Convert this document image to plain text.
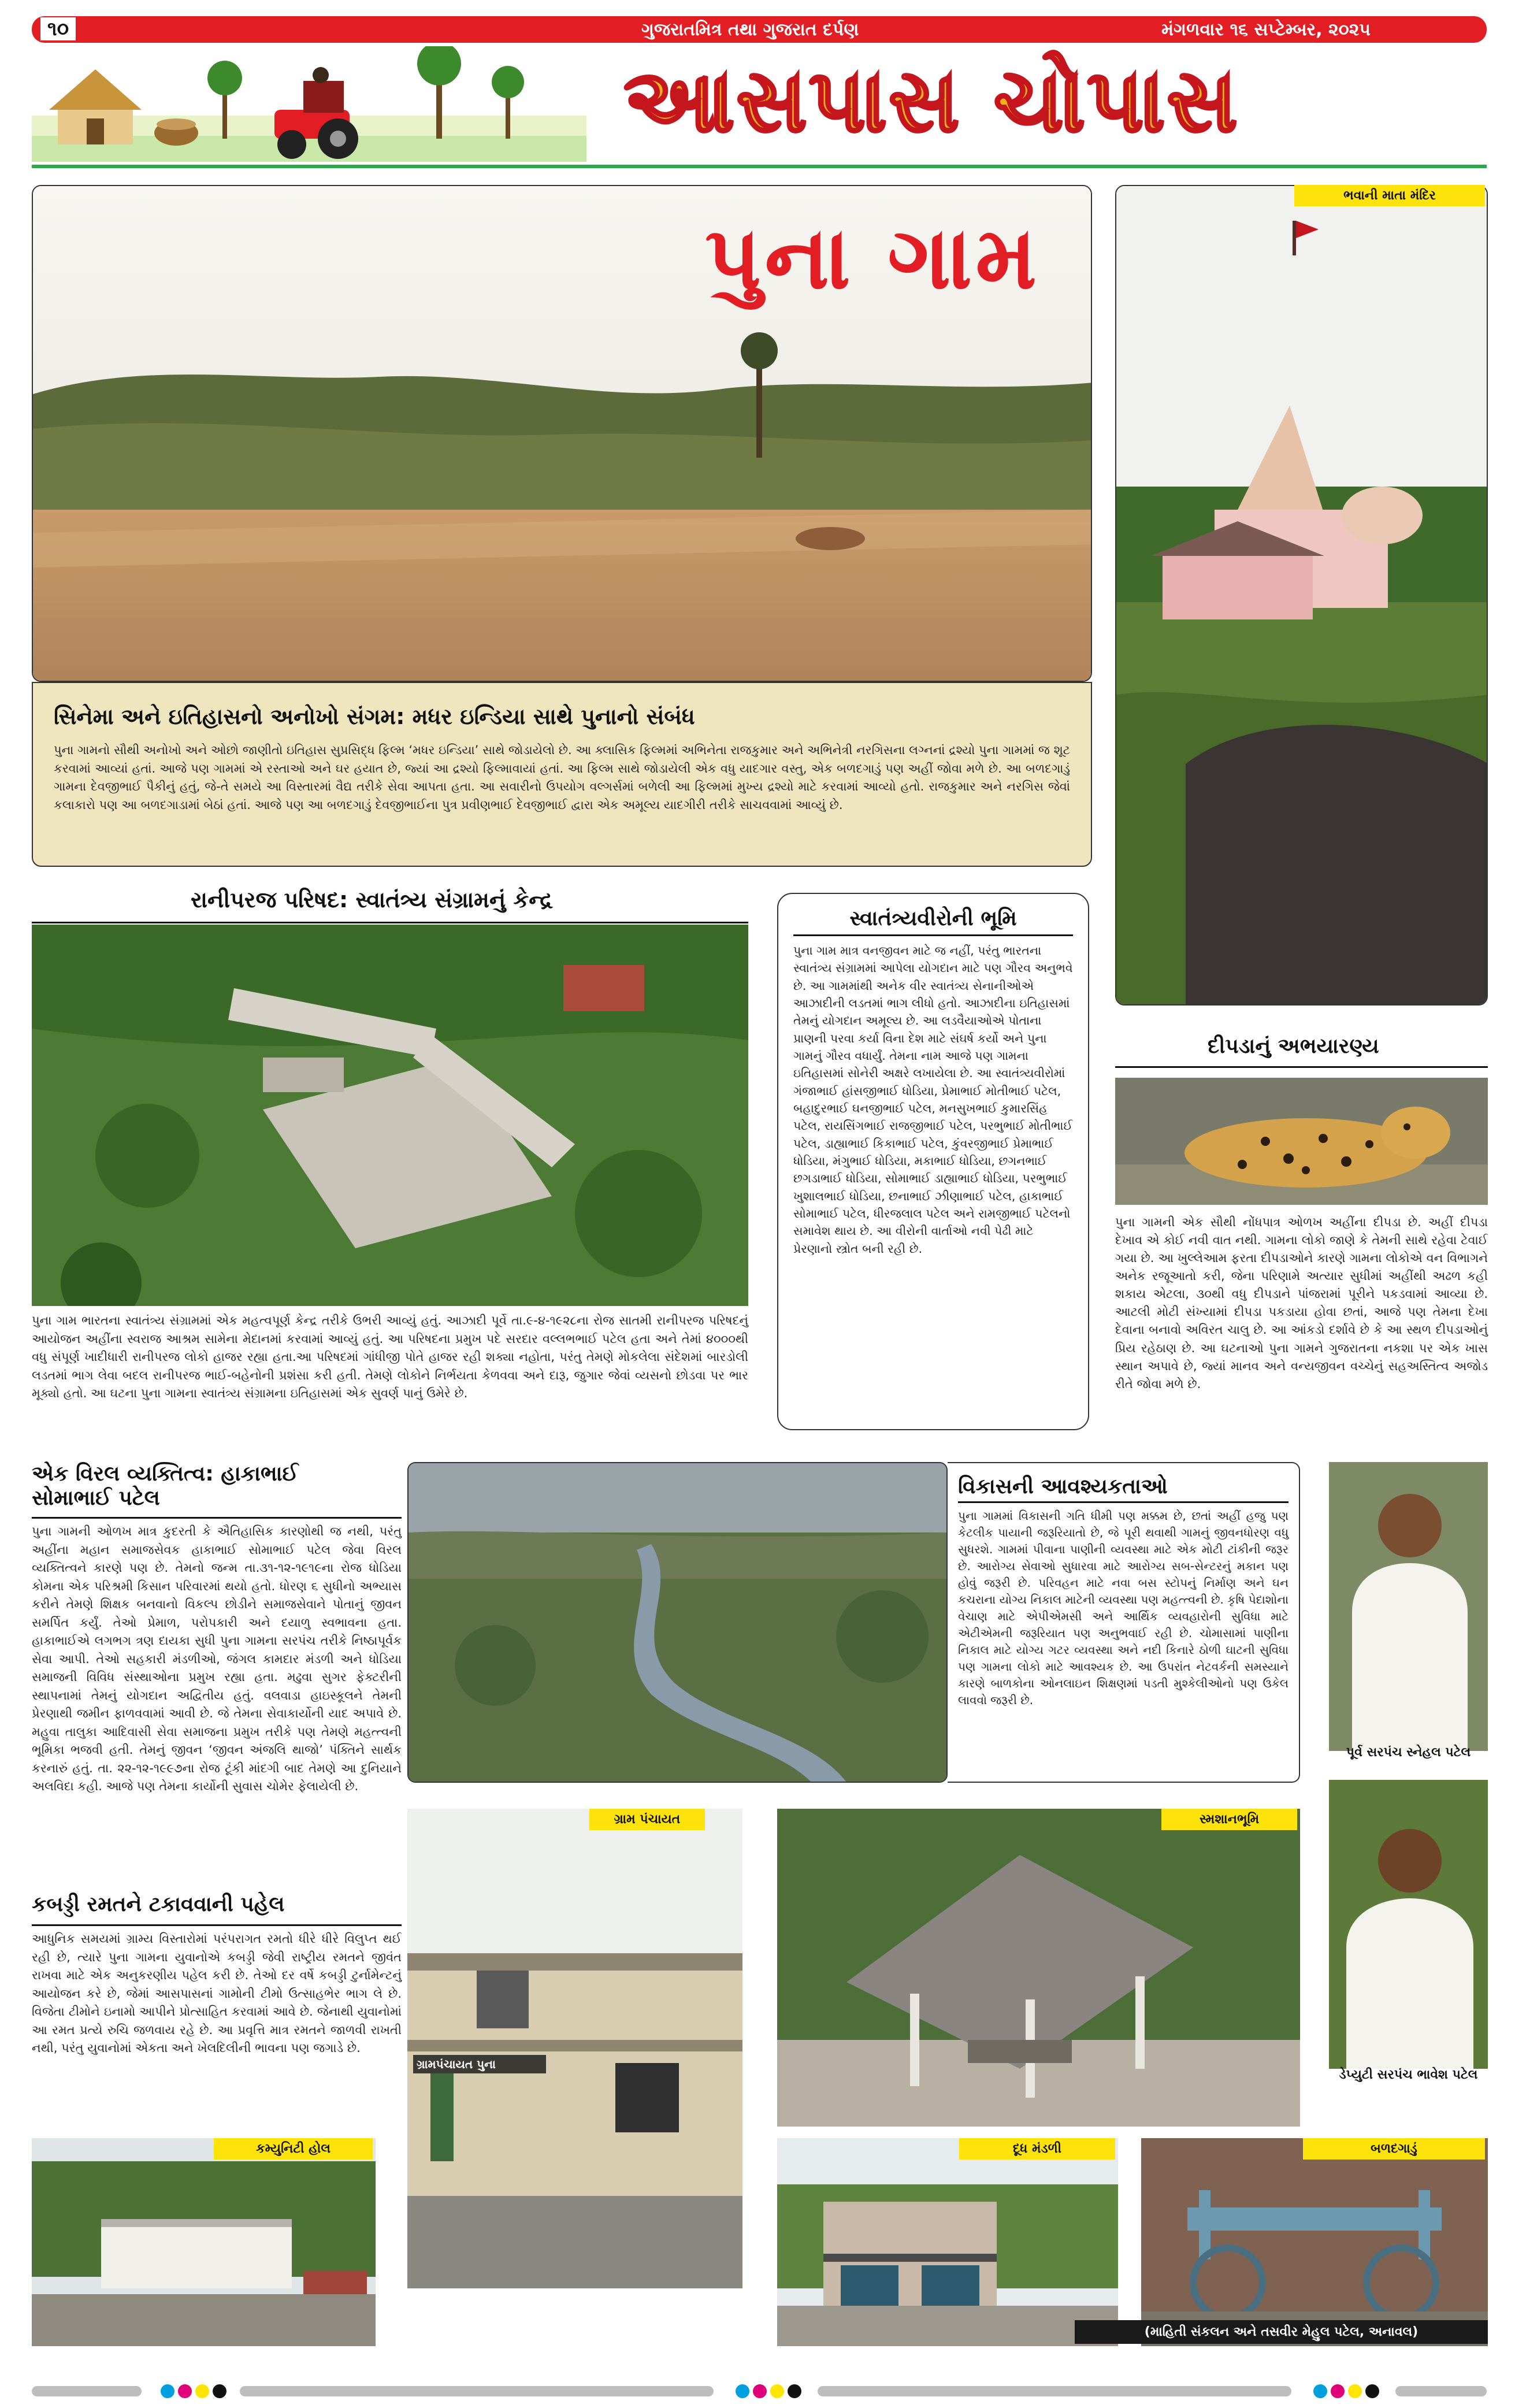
૧૦	ગુજરાતમિત્ર તથા ગુજરાત દર્પણ	મંગળવાર ૧૬ સપ્ટેમ્બર, ૨૦૨૫
આસપાસ ચોપાસ
પુના ગામ

સિનેમા અને ઇતિહાસનો અનોખો સંગમ: મધર ઇન્ડિયા સાથે પુનાનો સંબંધ

પુના ગામનો સૌથી અનોખો અને ઓછો જાણીતો ઇતિહાસ સુપ્રસિદ્ધ ફિલ્મ ‘મધર ઇન્ડિયા’ સાથે જોડાયેલો છે. આ ક્લાસિક ફિલ્મમાં અભિનેતા રાજકુમાર અને અભિનેત્રી નરગિસના લગ્નનાં દ્રશ્યો પુના ગામમાં જ શૂટ કરવામાં આવ્યાં હતાં. આજે પણ ગામમાં એ રસ્તાઓ અને ઘર હયાત છે, જ્યાં આ દ્રશ્યો ફિલ્માવાયાં હતાં. આ ફિલ્મ સાથે જોડાયેલી એક વધુ યાદગાર વસ્તુ, એક બળદગાડું પણ અહીં જોવા મળે છે. આ બળદગાડું ગામના દેવજીભાઈ પૈકીનું હતું, જે-તે સમયે આ વિસ્તારમાં વૈદ્ય તરીકે સેવા આપતા હતા. આ સવારીનો ઉપયોગ વલ્ગર્સમાં બળેલી આ ફિલ્મમાં મુખ્ય દ્રશ્યો માટે કરવામાં આવ્યો હતો. રાજકુમાર અને નરગિસ જેવાં કલાકારો પણ આ બળદગાડામાં બેઠાં હતાં. આજે પણ આ બળદગાડું દેવજીભાઈના પુત્ર પ્રવીણભાઈ દેવજીભાઈ દ્વારા એક અમૂલ્ય યાદગીરી તરીકે સાચવવામાં આવ્યું છે.

ભવાની માતા મંદિર
રાનીપરજ પરિષદ: સ્વાતંત્ર્ય સંગ્રામનું કેન્દ્ર

પુના ગામ ભારતના સ્વાતંત્ર્ય સંગ્રામમાં એક મહત્વપૂર્ણ કેન્દ્ર તરીકે ઉભરી આવ્યું હતું. આઝાદી પૂર્વે તા.૯-૪-૧૯૨૮ના રોજ સાતમી રાનીપરજ પરિષદનું આયોજન અહીંના સ્વરાજ આશ્રમ સામેના મેદાનમાં કરવામાં આવ્યું હતું. આ પરિષદના પ્રમુખ પદે સરદાર વલ્લભભાઈ પટેલ હતા અને તેમાં ૪૦૦૦થી વધુ સંપૂર્ણ ખાદીધારી રાનીપરજ લોકો હાજર રહ્યા હતા.આ પરિષદમાં ગાંધીજી પોતે હાજર રહી શક્યા નહોતા, પરંતુ તેમણે મોકલેલા સંદેશમાં બારડોલી લડતમાં ભાગ લેવા બદલ રાનીપરજ ભાઈ-બહેનોની પ્રશંસા કરી હતી. તેમણે લોકોને નિર્ભયતા કેળવવા અને દારૂ, જુગાર જેવાં વ્યસનો છોડવા પર ભાર મૂક્યો હતો. આ ઘટના પુના ગામના સ્વાતંત્ર્ય સંગ્રામના ઇતિહાસમાં એક સુવર્ણ પાનું ઉમેરે છે.

સ્વાતંત્ર્યવીરોની ભૂમિ

પુના ગામ માત્ર વનજીવન માટે જ નહીં, પરંતુ ભારતના સ્વાતંત્ર્ય સંગ્રામમાં આપેલા યોગદાન માટે પણ ગૌરવ અનુભવે છે. આ ગામમાંથી અનેક વીર સ્વાતંત્ર્ય સેનાનીઓએ આઝાદીની લડતમાં ભાગ લીધો હતો. આઝાદીના ઇતિહાસમાં તેમનું યોગદાન અમૂલ્ય છે. આ લડવૈયાઓએ પોતાના પ્રાણની પરવા કર્યા વિના દેશ માટે સંઘર્ષ કર્યો અને પુના ગામનું ગૌરવ વધાર્યું. તેમના નામ આજે પણ ગામના ઇતિહાસમાં સોનેરી અક્ષરે લખાયેલા છે. આ સ્વાતંત્ર્યવીરોમાં ગંજાભાઈ હાંસજીભાઈ ધોડિયા, પ્રેમાભાઈ મોતીભાઈ પટેલ, બહાદુરભાઈ ઘનજીભાઈ પટેલ, મનસુખભાઈ કુમારસિંહ પટેલ, રાયસિંગભાઈ રાજજીભાઈ પટેલ, પરભુભાઈ મોતીભાઈ પટેલ, ડાહ્યાભાઈ કિકાભાઈ પટેલ, કુંવરજીભાઈ પ્રેમાભાઈ ધોડિયા, મંગુભાઈ ધોડિયા, મકાભાઈ ધોડિયા, છગનભાઈ છગડાભાઈ ધોડિયા, સોમાભાઈ ડાહ્યાભાઈ ધોડિયા, પરભુભાઈ ખુશાલભાઈ ધોડિયા, છનાભાઈ ઝીણાભાઈ પટેલ, હાકાભાઈ સોમાભાઈ પટેલ, ધીરજલાલ પટેલ અને રામજીભાઈ પટેલનો સમાવેશ થાય છે. આ વીરોની વાર્તાઓ નવી પેઢી માટે પ્રેરણાનો સ્ત્રોત બની રહી છે.

દીપડાનું અભયારણ્ય

પુના ગામની એક સૌથી નોંધપાત્ર ઓળખ અહીંના દીપડા છે. અહીં દીપડા દેખાવ એ કોઈ નવી વાત નથી. ગામના લોકો જાણે કે તેમની સાથે રહેવા ટેવાઈ ગયા છે. આ ખુલ્લેઆમ ફરતા દીપડાઓને કારણે ગામના લોકોએ વન વિભાગને અનેક રજૂઆતો કરી, જેના પરિણામે અત્યાર સુધીમાં અહીંથી અઢળ કહી શકાય એટલા, ૩૦થી વધુ દીપડાને પાંજરામાં પૂરીને પકડવામાં આવ્યા છે. આટલી મોટી સંખ્યામાં દીપડા પકડાયા હોવા છતાં, આજે પણ તેમના દેખા દેવાના બનાવો અવિરત ચાલુ છે. આ આંકડો દર્શાવે છે કે આ સ્થળ દીપડાઓનું પ્રિય રહેઠાણ છે. આ ઘટનાઓ પુના ગામને ગુજરાતના નકશા પર એક ખાસ સ્થાન અપાવે છે, જ્યાં માનવ અને વન્યજીવન વચ્ચેનું સહઅસ્તિત્વ અજોડ રીતે જોવા મળે છે.

એક વિરલ વ્યક્તિત્વ: હાકાભાઈ

સોમાભાઈ પટેલ

પુના ગામની ઓળખ માત્ર કુદરતી કે ઐતિહાસિક કારણોથી જ નથી, પરંતુ અહીંના મહાન સમાજસેવક હાકાભાઈ સોમાભાઈ પટેલ જેવા વિરલ વ્યક્તિત્વને કારણે પણ છે. તેમનો જન્મ તા.૩૧-૧૨-૧૯૧૯ના રોજ ધોડિયા કોમના એક પરિશ્રમી કિસાન પરિવારમાં થયો હતો. ધોરણ ૬ સુધીનો અભ્યાસ કરીને તેમણે શિક્ષક બનવાનો વિકલ્પ છોડીને સમાજસેવાને પોતાનું જીવન સમર્પિત કર્યું. તેઓ પ્રેમાળ, પરોપકારી અને દયાળુ સ્વભાવના હતા. હાકાભાઈએ લગભગ ત્રણ દાયકા સુધી પુના ગામના સરપંચ તરીકે નિષ્ઠાપૂર્વક સેવા આપી. તેઓ સહકારી મંડળીઓ, જંગલ કામદાર મંડળી અને ધોડિયા સમાજની વિવિધ સંસ્થાઓના પ્રમુખ રહ્યા હતા. મઢુવા સુગર ફેક્ટરીની સ્થાપનામાં તેમનું યોગદાન અદ્વિતીય હતું. વલવાડા હાઇસ્કૂલને તેમની પ્રેરણાથી જમીન ફાળવવામાં આવી છે. જે તેમના સેવાકાર્યોની યાદ અપાવે છે. મહુવા તાલુકા આદિવાસી સેવા સમાજના પ્રમુખ તરીકે પણ તેમણે મહત્ત્વની ભૂમિકા ભજવી હતી. તેમનું જીવન ‘જીવન અંજલિ થાજો’ પંક્તિને સાર્થક કરનારું હતું. તા. ૨૨-૧૨-૧૯૯૭ના રોજ ટૂંકી માંદગી બાદ તેમણે આ દુનિયાને અલવિદા કહી. આજે પણ તેમના કાર્યોની સુવાસ ચોમેર ફેલાયેલી છે.

કબડ્ડી રમતને ટકાવવાની પહેલ

આધુનિક સમયમાં ગ્રામ્ય વિસ્તારોમાં પરંપરાગત રમતો ધીરે ધીરે વિલુપ્ત થઈ રહી છે, ત્યારે પુના ગામના યુવાનોએ કબડ્ડી જેવી રાષ્ટ્રીય રમતને જીવંત રાખવા માટે એક અનુકરણીય પહેલ કરી છે. તેઓ દર વર્ષે કબડ્ડી ટુર્નામેન્ટનું આયોજન કરે છે, જેમાં આસપાસનાં ગામોની ટીમો ઉત્સાહભેર ભાગ લે છે. વિજેતા ટીમોને ઇનામો આપીને પ્રોત્સાહિત કરવામાં આવે છે. જેનાથી યુવાનોમાં આ રમત પ્રત્યે રુચિ જળવાય રહે છે. આ પ્રવૃત્તિ માત્ર રમતને જાળવી રાખતી નથી, પરંતુ યુવાનોમાં એકતા અને ખેલદિલીની ભાવના પણ જગાડે છે.

વિકાસની આવશ્યકતાઓ

પુના ગામમાં વિકાસની ગતિ ધીમી પણ મક્કમ છે, છતાં અહીં હજુ પણ કેટલીક પાયાની જરૂરિયાતો છે, જે પૂરી થવાથી ગામનું જીવનધોરણ વધુ સુધરશે. ગામમાં પીવાના પાણીની વ્યવસ્થા માટે એક મોટી ટાંકીની જરૂર છે. આરોગ્ય સેવાઓ સુધારવા માટે આરોગ્ય સબ-સેન્ટરનું મકાન પણ હોવું જરૂરી છે. પરિવહન માટે નવા બસ સ્ટોપનું નિર્માણ અને ઘન કચરાના યોગ્ય નિકાલ માટેની વ્યવસ્થા પણ મહત્ત્વની છે. કૃષિ પેદાશોના વેચાણ માટે એપીએમસી અને આર્થિક વ્યવહારોની સુવિધા માટે એટીએમની જરૂરિયાત પણ અનુભવાઈ રહી છે. ચોમાસામાં પાણીના નિકાલ માટે યોગ્ય ગટર વ્યવસ્થા અને નદી કિનારે ઠોળી ઘાટની સુવિધા પણ ગામના લોકો માટે આવશ્યક છે. આ ઉપરાંત નેટવર્કની સમસ્યાને કારણે બાળકોના ઓનલાઇન શિક્ષણમાં પડતી મુશ્કેલીઓનો પણ ઉકેલ લાવવો જરૂરી છે.

પૂર્વ સરપંચ સ્નેહલ પટેલ
ડેપ્યુટી સરપંચ ભાવેશ પટેલ
ગ્રામ પંચાયત
ગ્રામપંચાયત પુના
સ્મશાનભૂમિ
કમ્યુનિટી હોલ	દૂધ મંડળી	બળદગાડું
(માહિતી સંકલન અને તસવીર મેહુલ પટેલ, અનાવલ)
